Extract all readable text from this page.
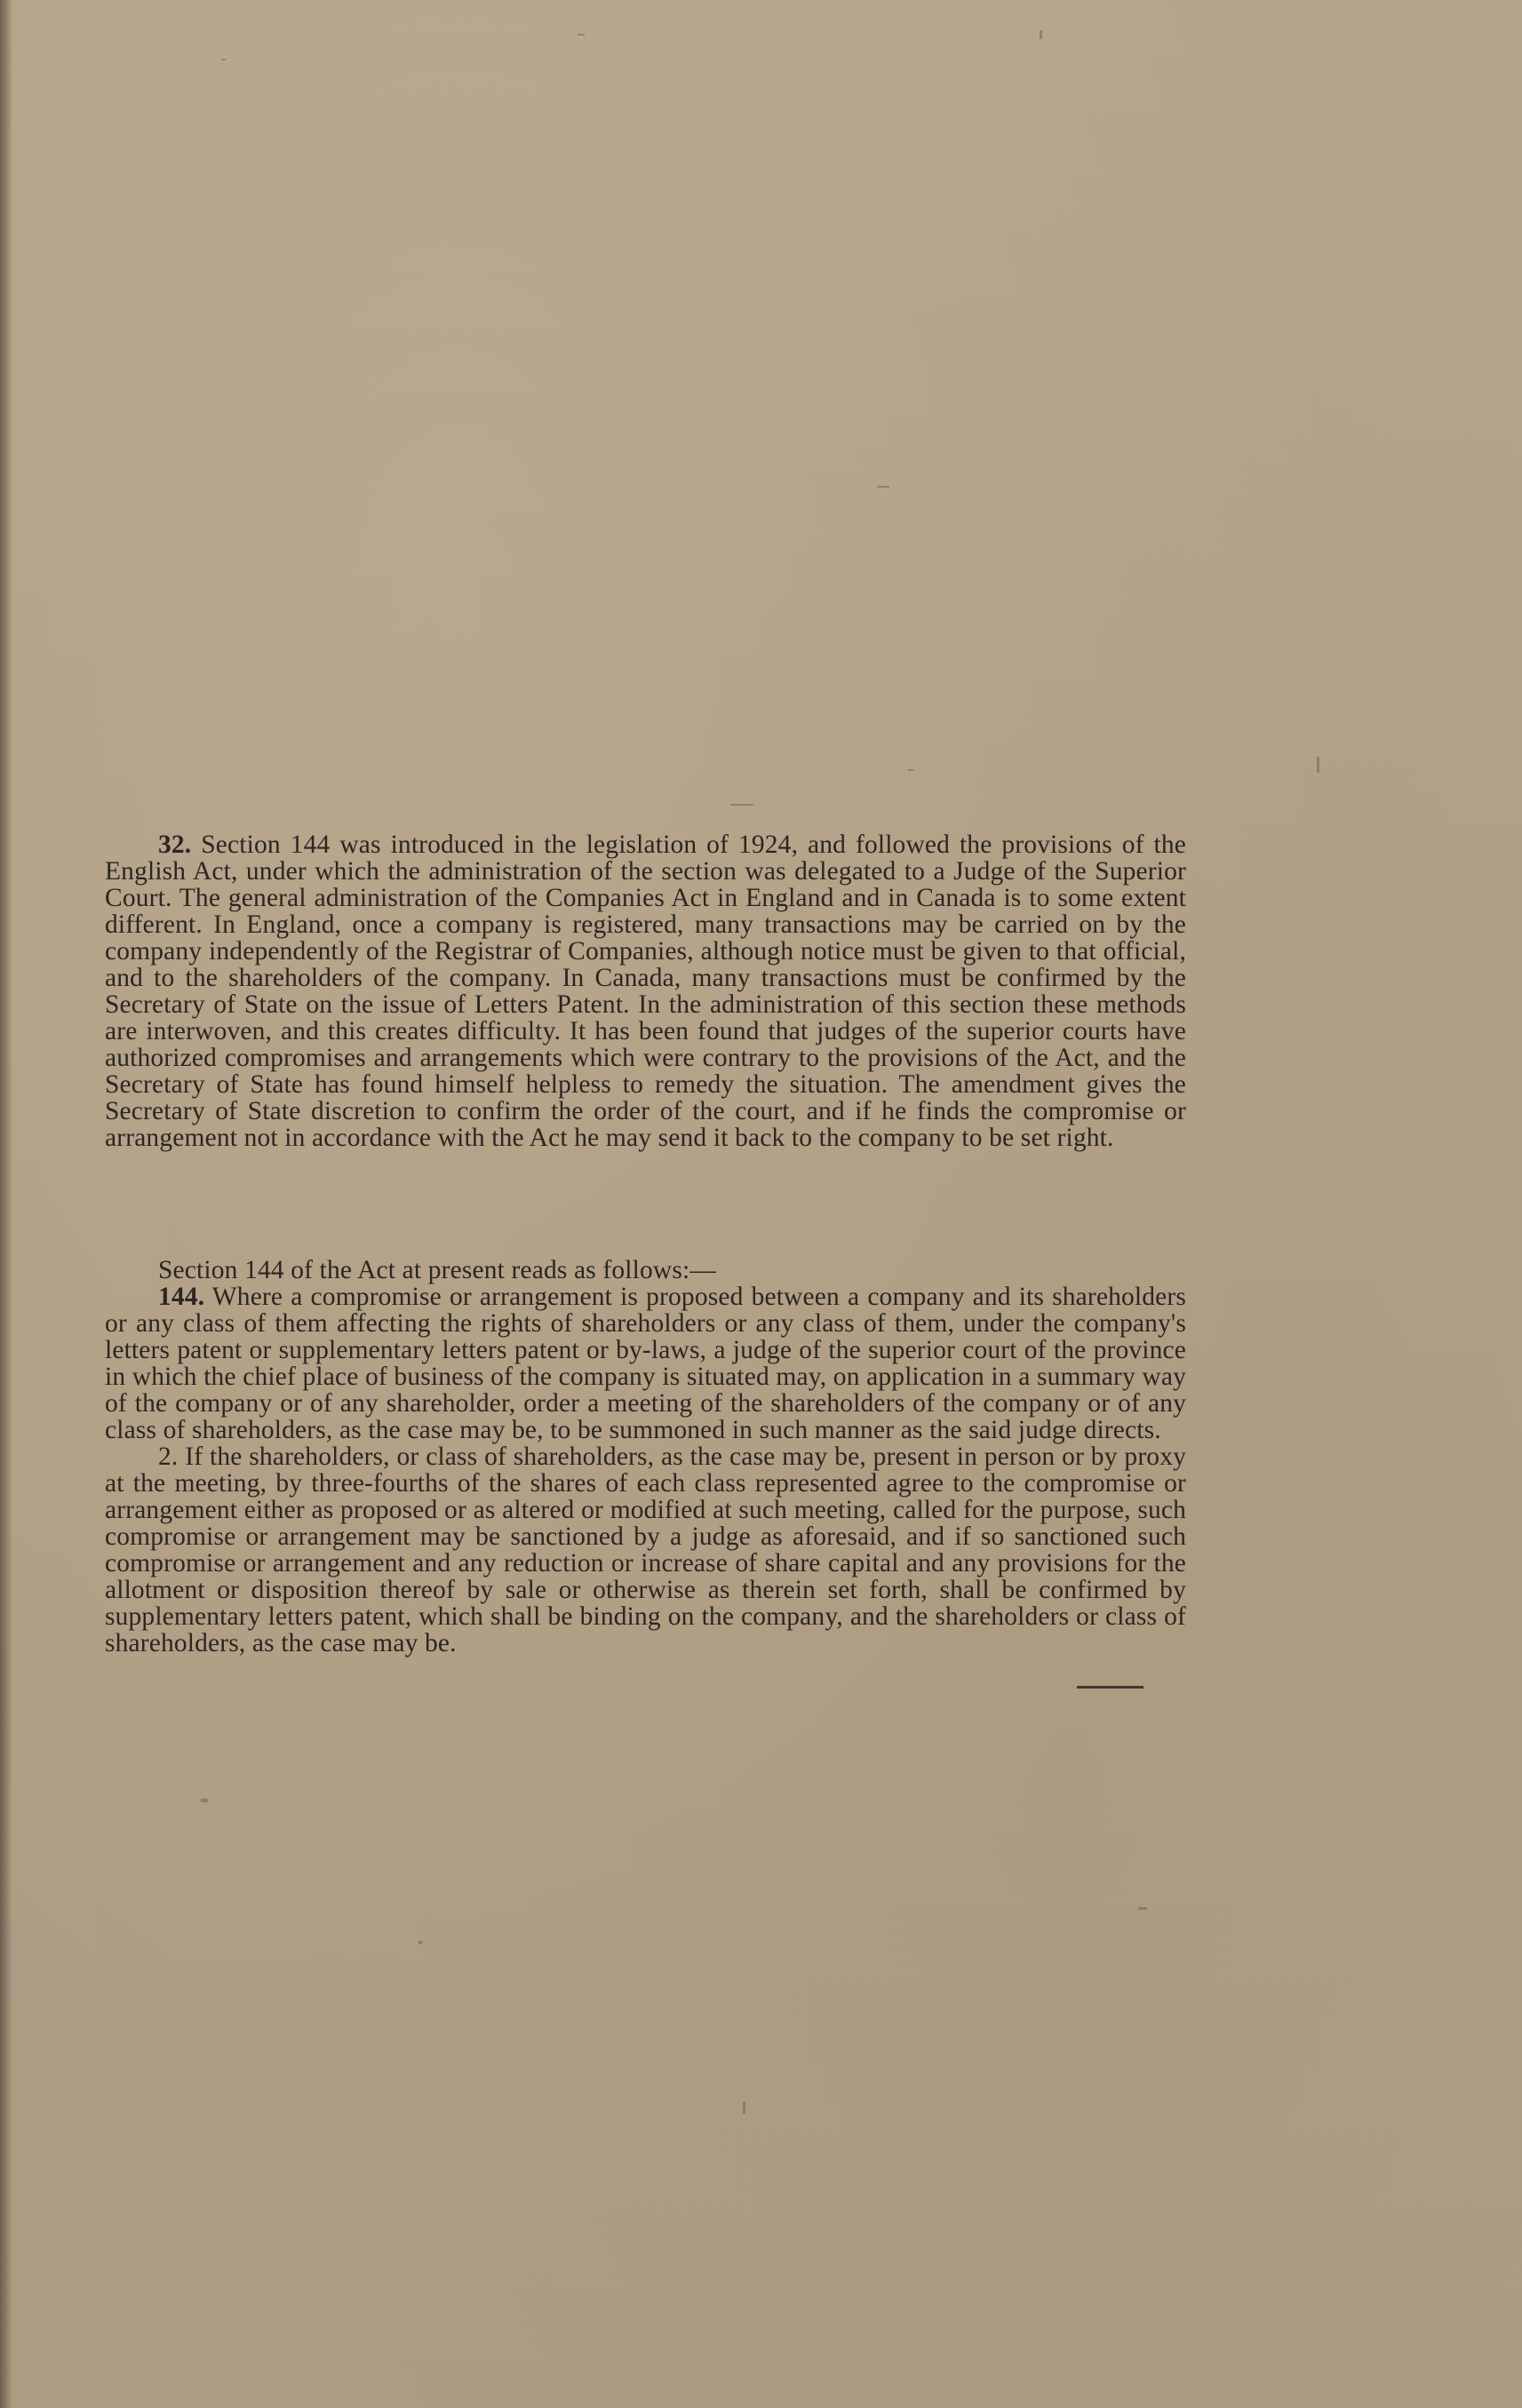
32. Section 144 was introduced in the legislation of 1924, and followed the provisions of the English Act, under which the administration of the section was delegated to a Judge of the Superior Court. The general administration of the Companies Act in England and in Canada is to some extent different. In England, once a company is registered, many transactions may be carried on by the company independently of the Registrar of Companies, although notice must be given to that official, and to the shareholders of the company. In Canada, many transactions must be confirmed by the Secretary of State on the issue of Letters Patent. In the administration of this section these methods are interwoven, and this creates difficulty. It has been found that judges of the superior courts have authorized compromises and arrangements which were contrary to the provisions of the Act, and the Secretary of State has found himself helpless to remedy the situation. The amendment gives the Secretary of State discretion to confirm the order of the court, and if he finds the compromise or arrangement not in accordance with the Act he may send it back to the company to be set right.

Section 144 of the Act at present reads as follows:—

144. Where a compromise or arrangement is proposed between a company and its shareholders or any class of them affecting the rights of shareholders or any class of them, under the company's letters patent or supplementary letters patent or by-laws, a judge of the superior court of the province in which the chief place of business of the company is situated may, on application in a summary way of the company or of any shareholder, order a meeting of the shareholders of the company or of any class of shareholders, as the case may be, to be summoned in such manner as the said judge directs.

2. If the shareholders, or class of shareholders, as the case may be, present in person or by proxy at the meeting, by three-fourths of the shares of each class represented agree to the compromise or arrangement either as proposed or as altered or modified at such meeting, called for the purpose, such compromise or arrangement may be sanctioned by a judge as aforesaid, and if so sanctioned such compromise or arrangement and any reduction or increase of share capital and any provisions for the allotment or disposition thereof by sale or otherwise as therein set forth, shall be confirmed by supplementary letters patent, which shall be binding on the company, and the shareholders or class of shareholders, as the case may be.
